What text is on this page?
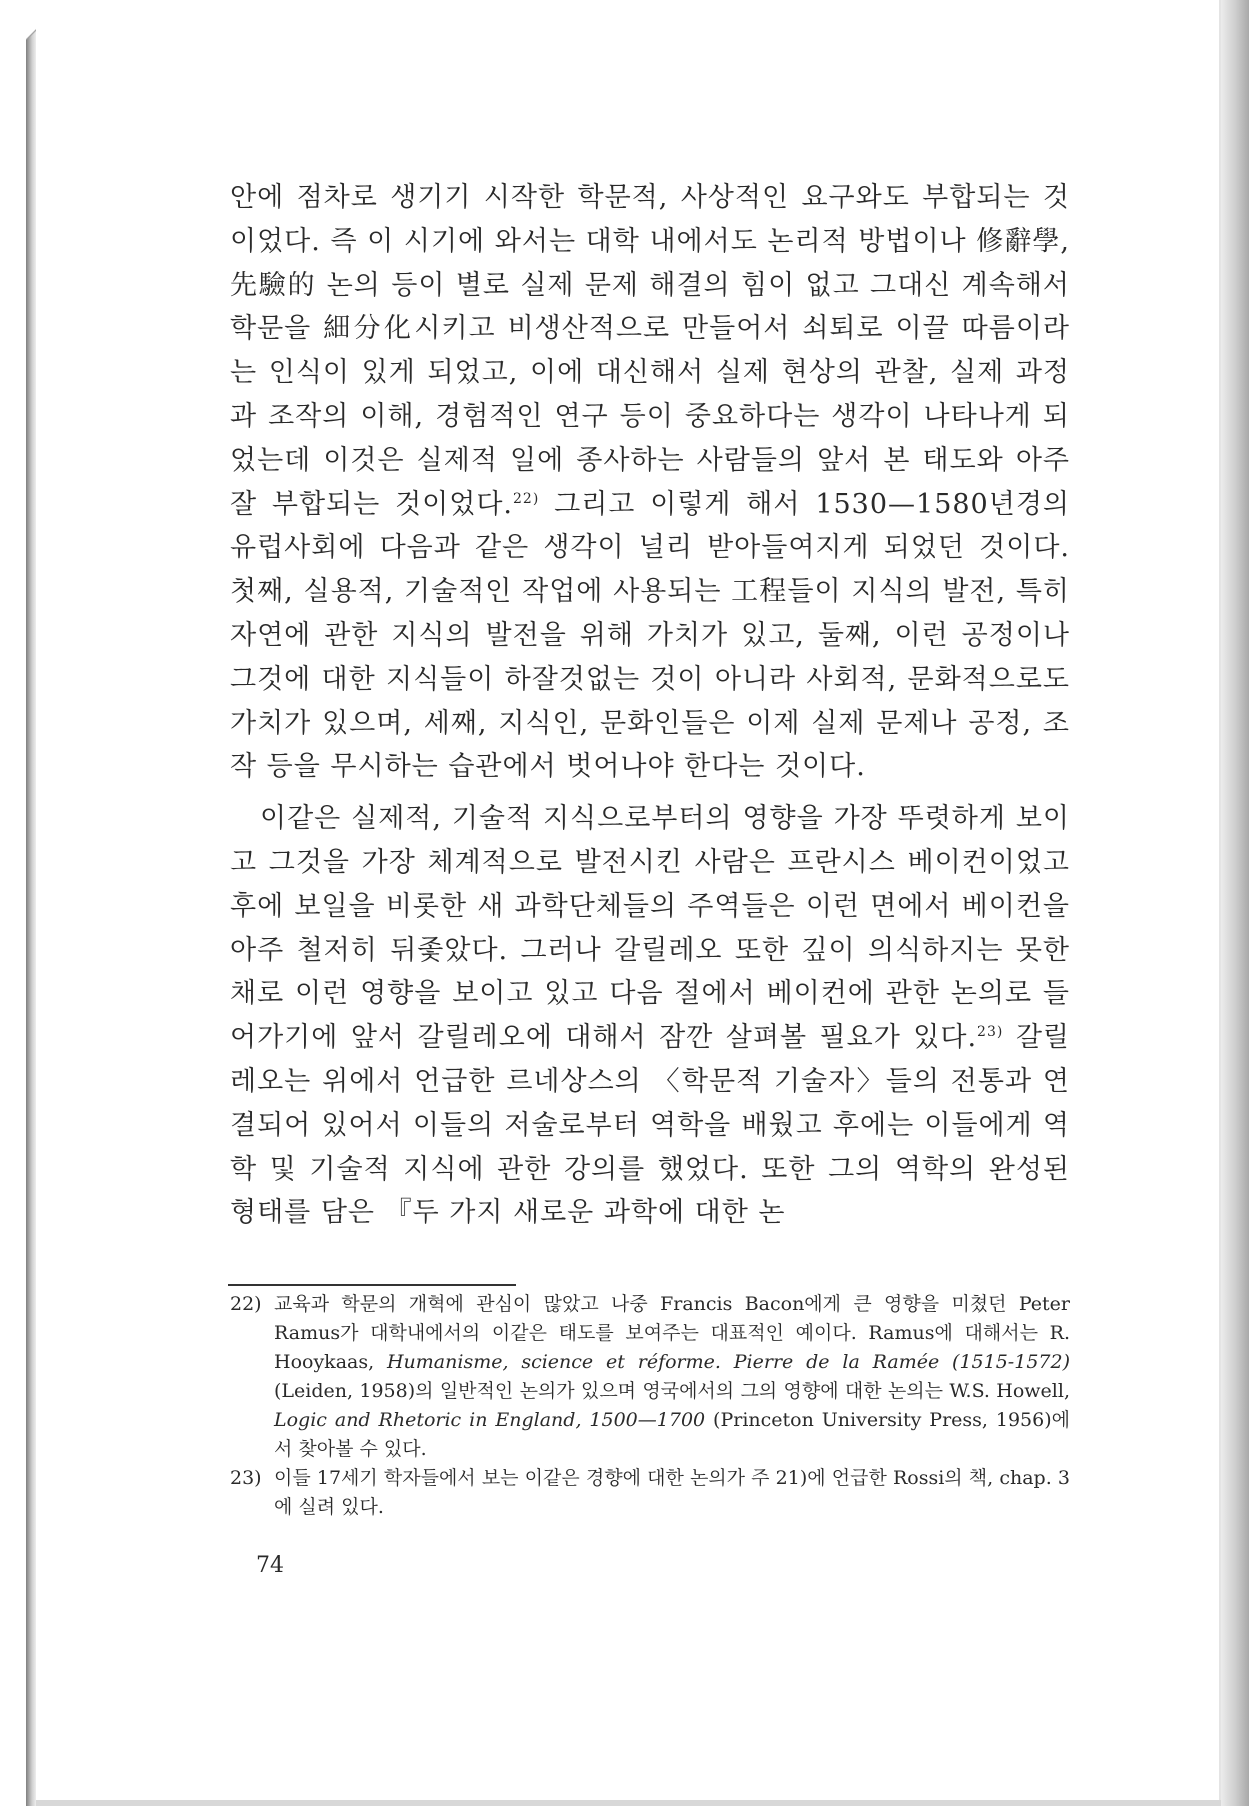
안에 점차로 생기기 시작한 학문적, 사상적인 요구와도 부합되는 것이었다. 즉 이 시기에 와서는 대학 내에서도 논리적 방법이나 修辭學, 先驗的 논의 등이 별로 실제 문제 해결의 힘이 없고 그대신 계속해서 학문을 細分化시키고 비생산적으로 만들어서 쇠퇴로 이끌 따름이라는 인식이 있게 되었고, 이에 대신해서 실제 현상의 관찰, 실제 과정과 조작의 이해, 경험적인 연구 등이 중요하다는 생각이 나타나게 되었는데 이것은 실제적 일에 종사하는 사람들의 앞서 본 태도와 아주 잘 부합되는 것이었다.$^{22)}$ 그리고 이렇게 해서 1530—1580년경의 유럽사회에 다음과 같은 생각이 널리 받아들여지게 되었던 것이다. 첫째, 실용적, 기술적인 작업에 사용되는 工程들이 지식의 발전, 특히 자연에 관한 지식의 발전을 위해 가치가 있고, 둘째, 이런 공정이나 그것에 대한 지식들이 하잘것없는 것이 아니라 사회적, 문화적으로도 가치가 있으며, 세째, 지식인, 문화인들은 이제 실제 문제나 공정, 조작 등을 무시하는 습관에서 벗어나야 한다는 것이다.

이같은 실제적, 기술적 지식으로부터의 영향을 가장 뚜렷하게 보이고 그것을 가장 체계적으로 발전시킨 사람은 프란시스 베이컨이었고 후에 보일을 비롯한 새 과학단체들의 주역들은 이런 면에서 베이컨을 아주 철저히 뒤좇았다. 그러나 갈릴레오 또한 깊이 의식하지는 못한 채로 이런 영향을 보이고 있고 다음 절에서 베이컨에 관한 논의로 들어가기에 앞서 갈릴레오에 대해서 잠깐 살펴볼 필요가 있다.$^{23)}$ 갈릴레오는 위에서 언급한 르네상스의 〈학문적 기술자〉들의 전통과 연결되어 있어서 이들의 저술로부터 역학을 배웠고 후에는 이들에게 역학 및 기술적 지식에 관한 강의를 했었다. 또한 그의 역학의 완성된 형태를 담은 『두 가지 새로운 과학에 대한 논

22) 교육과 학문의 개혁에 관심이 많았고 나중 Francis Bacon에게 큰 영향을 미쳤던 Peter Ramus가 대학내에서의 이같은 태도를 보여주는 대표적인 예이다. Ramus에 대해서는 R. Hooykaas, Humanisme, science et réforme. Pierre de la Ramée (1515-1572) (Leiden, 1958)의 일반적인 논의가 있으며 영국에서의 그의 영향에 대한 논의는 W.S. Howell, Logic and Rhetoric in England, 1500—1700 (Princeton University Press, 1956)에서 찾아볼 수 있다.
23) 이들 17세기 학자들에서 보는 이같은 경향에 대한 논의가 주 21)에 언급한 Rossi의 책, chap. 3에 실려 있다.
74
